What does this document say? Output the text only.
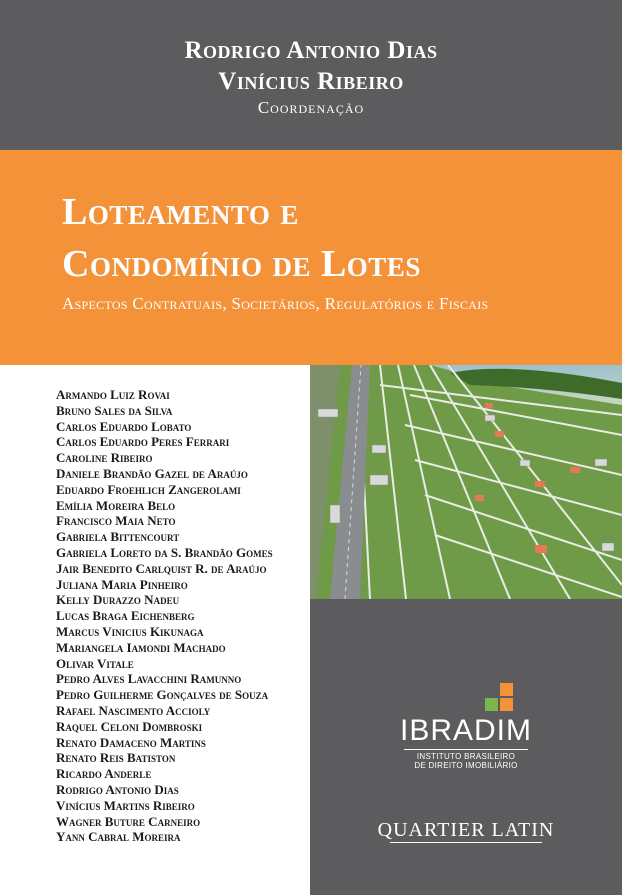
Rodrigo Antonio Dias
Vinícius Ribeiro
Coordenação
Loteamento e
Condomínio de Lotes
Aspectos Contratuais, Societários, Regulatórios e Fiscais
Armando Luiz Rovai
Bruno Sales da Silva
Carlos Eduardo Lobato
Carlos Eduardo Peres Ferrari
Caroline Ribeiro
Daniele Brandão Gazel de Araújo
Eduardo Froehlich Zangerolami
Emília Moreira Belo
Francisco Maia Neto
Gabriela Bittencourt
Gabriela Loreto da S. Brandão Gomes
Jair Benedito Carlquist R. de Araújo
Juliana Maria Pinheiro
Kelly Durazzo Nadeu
Lucas Braga Eichenberg
Marcus Vinicius Kikunaga
Mariangela Iamondi Machado
Olivar Vitale
Pedro Alves Lavacchini Ramunno
Pedro Guilherme Gonçalves de Souza
Rafael Nascimento Accioly
Raquel Celoni Dombroski
Renato Damaceno Martins
Renato Reis Batiston
Ricardo Anderle
Rodrigo Antonio Dias
Vinícius Martins Ribeiro
Wagner Buture Carneiro
Yann Cabral Moreira
IBRADIM
INSTITUTO BRASILEIRO
DE DIREITO IMOBILIÁRIO
QUARTIER LATIN
